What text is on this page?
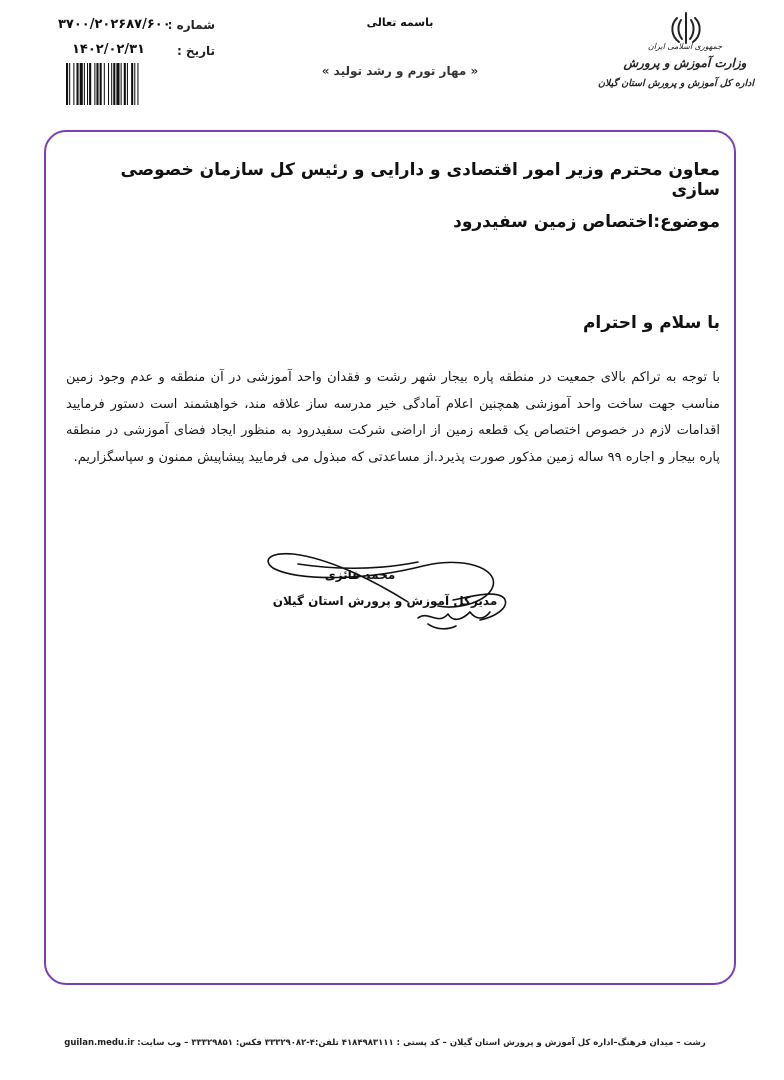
شماره :
۳۷۰۰/۲۰۲۶۸۷/۶۰۰
تاریخ :
۱۴۰۲/۰۲/۳۱
باسمه تعالی
« مهار تورم و رشد تولید »
جمهوری اسلامی ایران
وزارت آموزش و پرورش
اداره کل آموزش و پرورش استان گیلان
معاون محترم وزیر امور اقتصادی و دارایی و رئیس کل سازمان خصوصی سازی
موضوع:اختصاص زمین سفیدرود
با سلام و احترام
با توجه به تراکم بالای جمعیت در منطقه پاره بیجار شهر رشت و فقدان واحد آموزشی در آن منطقه و عدم وجود زمین مناسب جهت ساخت واحد آموزشی همچنین اعلام آمادگی خیر مدرسه ساز علاقه مند، خواهشمند است دستور فرمایید اقدامات لازم در خصوص اختصاص یک قطعه زمین از اراضی شرکت سفیدرود به منظور ایجاد فضای آموزشی در منطقه پاره بیجار و اجاره ۹۹ ساله زمین مذکور صورت پذیرد.از مساعدتی که مبذول می فرمایید پیشاپیش ممنون و سپاسگزاریم.
محمد فائزی
مدیرکل آموزش و پرورش استان گیلان
رشت – میدان فرهنگ–اداره کل آموزش و پرورش استان گیلان – کد پستی : ۴۱۸۴۹۸۳۱۱۱ تلفن:۴-۳۳۳۲۹۰۸۲ فکس: ۳۳۳۲۹۸۵۱ – وب سایت: guilan.medu.ir
